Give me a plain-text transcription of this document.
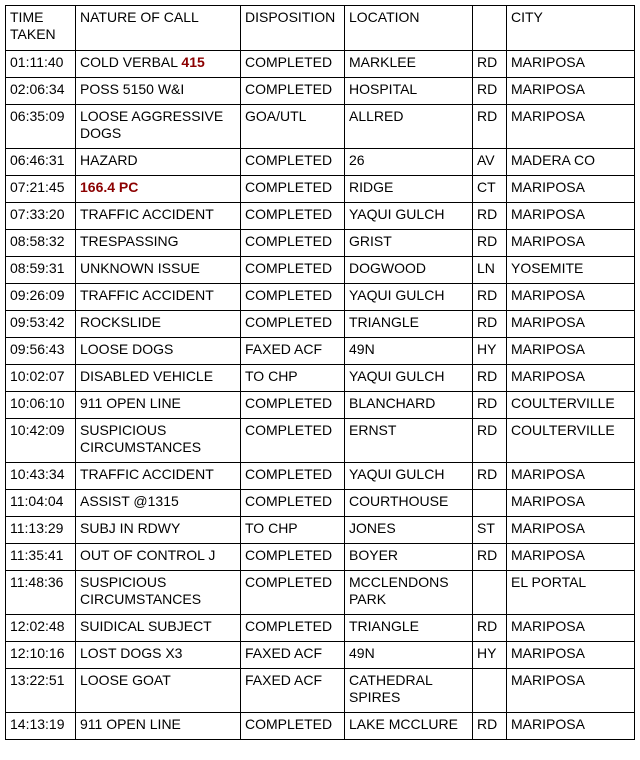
TIME TAKEN	NATURE OF CALL	DISPOSITION	LOCATION		CITY
01:11:40	COLD VERBAL 415	COMPLETED	MARKLEE	RD	MARIPOSA
02:06:34	POSS 5150 W&I	COMPLETED	HOSPITAL	RD	MARIPOSA
06:35:09	LOOSE AGGRESSIVE DOGS	GOA/UTL	ALLRED	RD	MARIPOSA
06:46:31	HAZARD	COMPLETED	26	AV	MADERA CO
07:21:45	166.4 PC	COMPLETED	RIDGE	CT	MARIPOSA
07:33:20	TRAFFIC ACCIDENT	COMPLETED	YAQUI GULCH	RD	MARIPOSA
08:58:32	TRESPASSING	COMPLETED	GRIST	RD	MARIPOSA
08:59:31	UNKNOWN ISSUE	COMPLETED	DOGWOOD	LN	YOSEMITE
09:26:09	TRAFFIC ACCIDENT	COMPLETED	YAQUI GULCH	RD	MARIPOSA
09:53:42	ROCKSLIDE	COMPLETED	TRIANGLE	RD	MARIPOSA
09:56:43	LOOSE DOGS	FAXED ACF	49N	HY	MARIPOSA
10:02:07	DISABLED VEHICLE	TO CHP	YAQUI GULCH	RD	MARIPOSA
10:06:10	911 OPEN LINE	COMPLETED	BLANCHARD	RD	COULTERVILLE
10:42:09	SUSPICIOUS CIRCUMSTANCES	COMPLETED	ERNST	RD	COULTERVILLE
10:43:34	TRAFFIC ACCIDENT	COMPLETED	YAQUI GULCH	RD	MARIPOSA
11:04:04	ASSIST @1315	COMPLETED	COURTHOUSE		MARIPOSA
11:13:29	SUBJ IN RDWY	TO CHP	JONES	ST	MARIPOSA
11:35:41	OUT OF CONTROL J	COMPLETED	BOYER	RD	MARIPOSA
11:48:36	SUSPICIOUS CIRCUMSTANCES	COMPLETED	MCCLENDONS PARK		EL PORTAL
12:02:48	SUIDICAL SUBJECT	COMPLETED	TRIANGLE	RD	MARIPOSA
12:10:16	LOST DOGS X3	FAXED ACF	49N	HY	MARIPOSA
13:22:51	LOOSE GOAT	FAXED ACF	CATHEDRAL SPIRES		MARIPOSA
14:13:19	911 OPEN LINE	COMPLETED	LAKE MCCLURE	RD	MARIPOSA
